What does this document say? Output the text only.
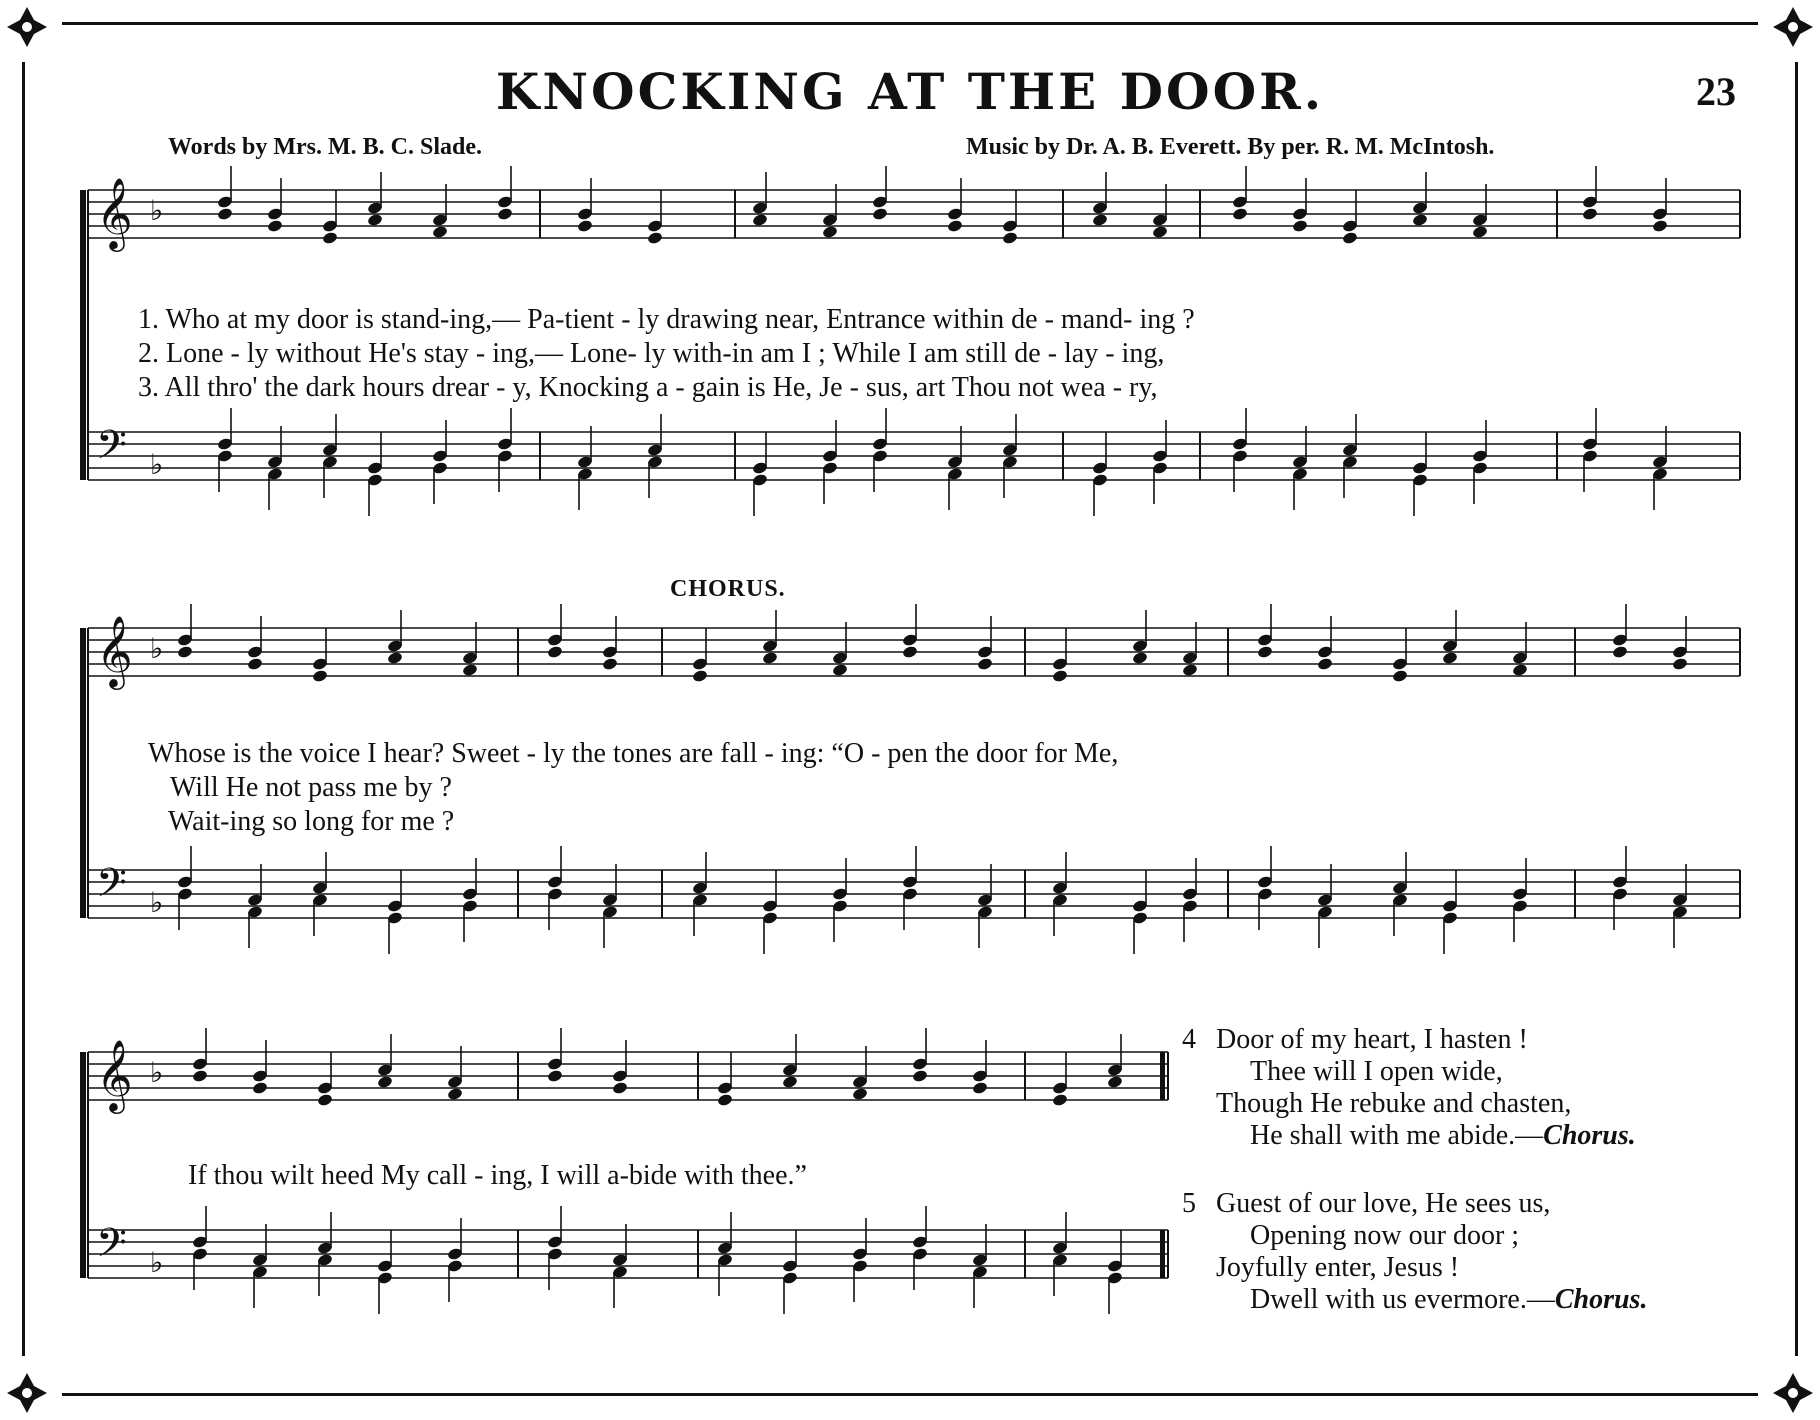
KNOCKING AT THE DOOR.	23
Words by Mrs. M. B. C. Slade.	Music by Dr. A. B. Everett. By per. R. M. McIntosh.
𝄞 ♭
𝄢 ♭
𝄞 ♭
𝄢 ♭
𝄞 ♭
𝄢 ♭
1. Who at my door is stand-ing,— Pa-tient - ly drawing near, Entrance within de - mand- ing ?
2. Lone - ly without He's stay - ing,— Lone- ly with-in am I ; While I am still de - lay - ing,
3. All thro' the dark hours drear - y, Knocking a - gain is He, Je - sus, art Thou not wea - ry,
CHORUS.
Whose is the voice I hear? Sweet - ly the tones are fall - ing: “O - pen the door for Me,
Will He not pass me by ?
Wait-ing so long for me ?
If thou wilt heed My call - ing, I will a-bide with thee.”
4 Door of my heart, I hasten !
Thee will I open wide,
Though He rebuke and chasten,
He shall with me abide.—Chorus.
5 Guest of our love, He sees us,
Opening now our door ;
Joyfully enter, Jesus !
Dwell with us evermore.—Chorus.
